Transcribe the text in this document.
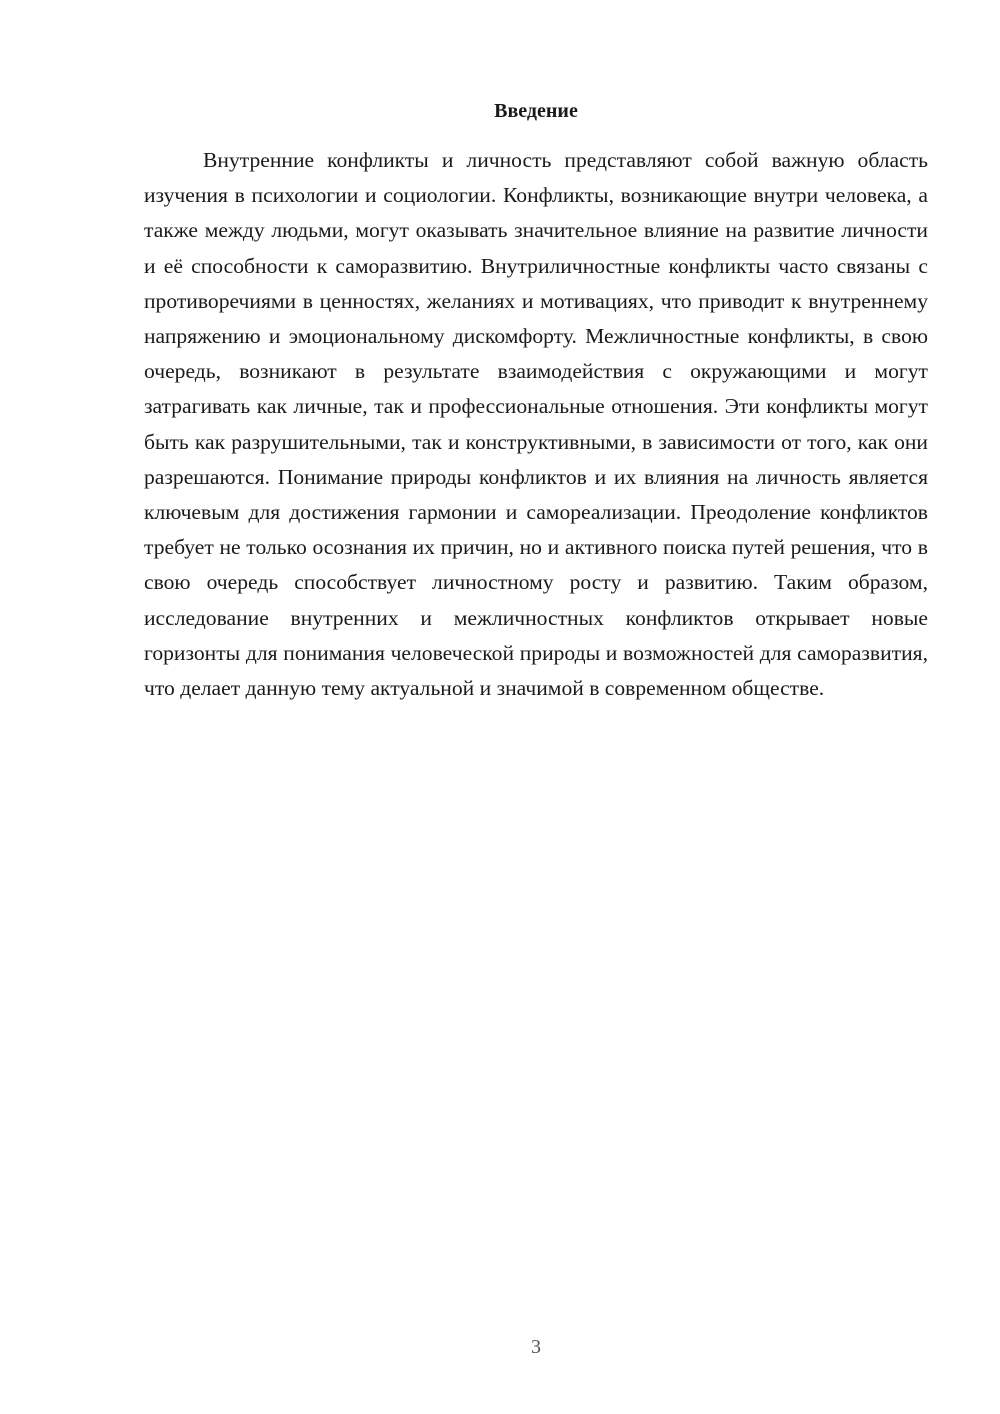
Введение

Внутренние конфликты и личность представляют собой важную область изучения в психологии и социологии. Конфликты, возникающие внутри человека, а также между людьми, могут оказывать значительное влияние на развитие личности и её способности к саморазвитию. Внутриличностные конфликты часто связаны с противоречиями в ценностях, желаниях и мотивациях, что приводит к внутреннему напряжению и эмоциональному дискомфорту. Межличностные конфликты, в свою очередь, возникают в результате взаимодействия с окружающими и могут затрагивать как личные, так и профессиональные отношения. Эти конфликты могут быть как разрушительными, так и конструктивными, в зависимости от того, как они разрешаются. Понимание природы конфликтов и их влияния на личность является ключевым для достижения гармонии и самореализации. Преодоление конфликтов требует не только осознания их причин, но и активного поиска путей решения, что в свою очередь способствует личностному росту и развитию. Таким образом, исследование внутренних и межличностных конфликтов открывает новые горизонты для понимания человеческой природы и возможностей для саморазвития, что делает данную тему актуальной и значимой в современном обществе.

3
